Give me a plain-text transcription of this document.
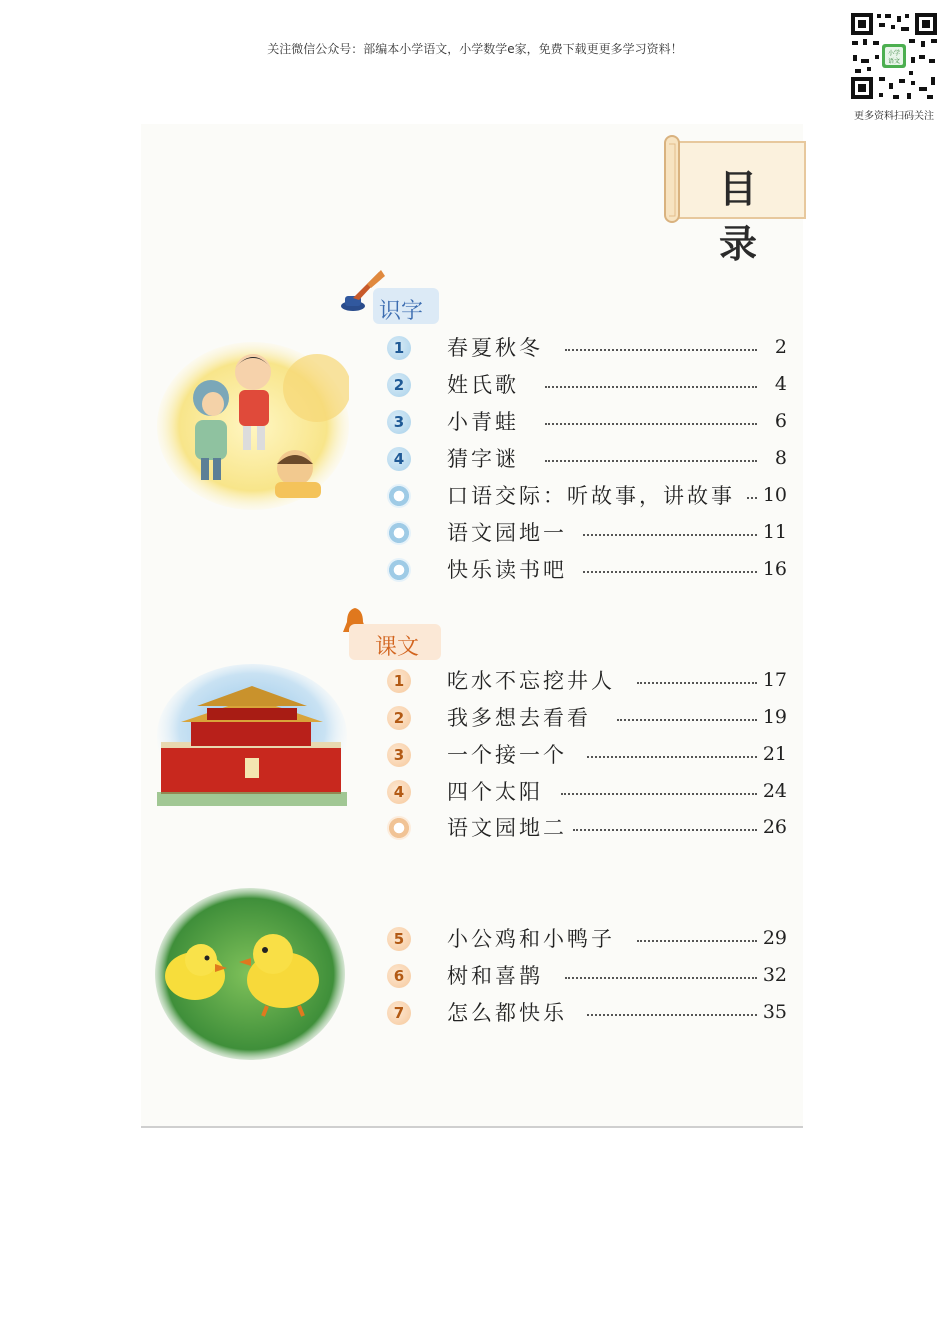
关注微信公众号：部编本小学语文，小学数学e家，免费下载更更多学习资料！	小学
语文
更多资料扫码关注
目录
识字
课文
1	春夏秋冬	2
2	姓氏歌	4
3	小青蛙	6
4	猜字谜	8
口语交际：听故事，讲故事 10
语文园地一	11
快乐读书吧	16
1	吃水不忘挖井人	17
2	我多想去看看	19
3	一个接一个	21
4	四个太阳	24
语文园地二	26
5	小公鸡和小鸭子	29
6	树和喜鹊	32
7	怎么都快乐	35
